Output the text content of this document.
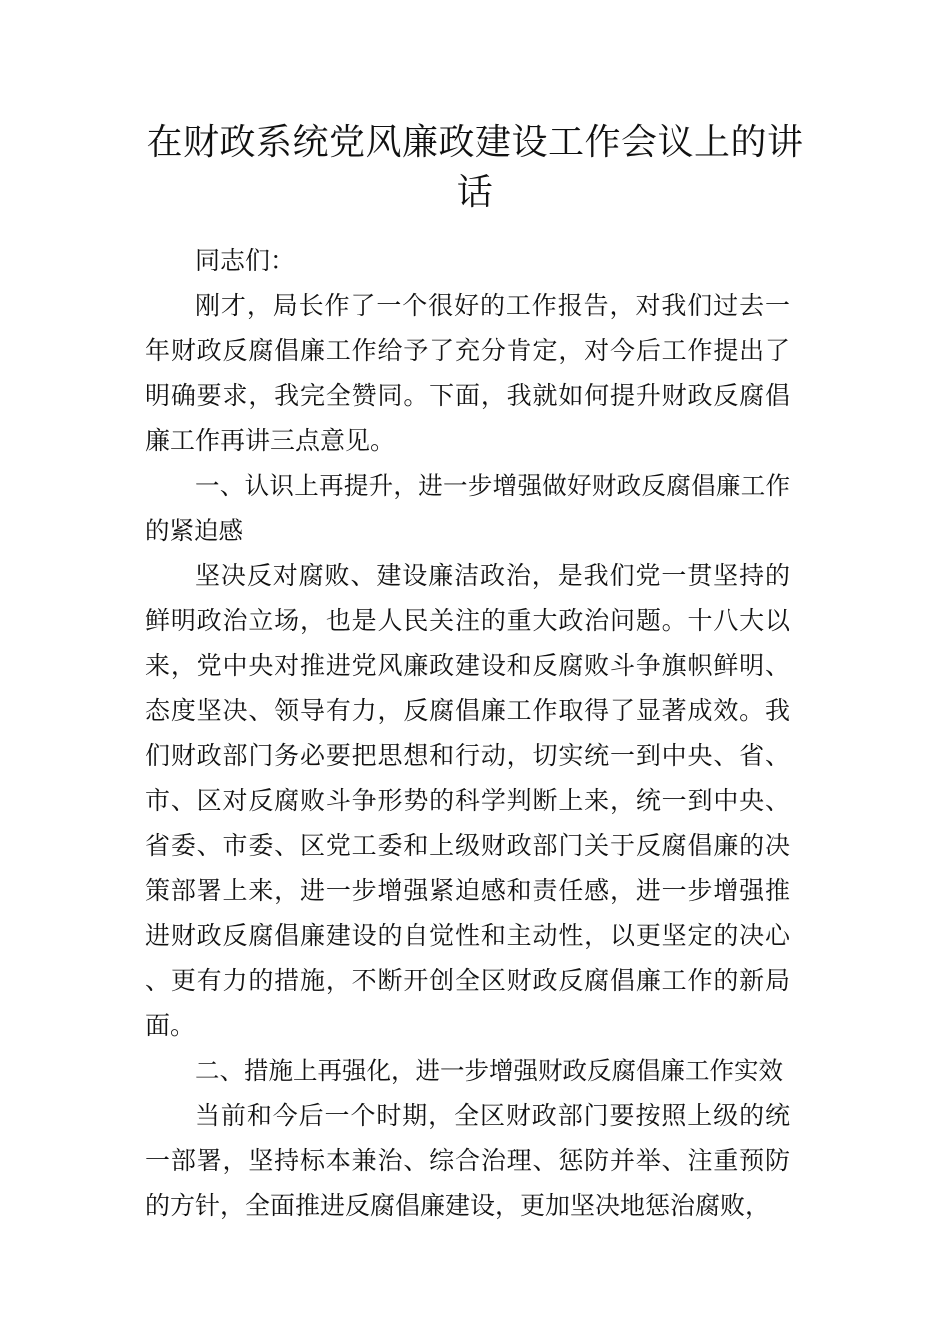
在财政系统党风廉政建设工作会议上的讲话

同志们：

刚才，局长作了一个很好的工作报告，对我们过去一年财政反腐倡廉工作给予了充分肯定，对今后工作提出了明确要求，我完全赞同。下面，我就如何提升财政反腐倡廉工作再讲三点意见。

一、认识上再提升，进一步增强做好财政反腐倡廉工作的紧迫感

坚决反对腐败、建设廉洁政治，是我们党一贯坚持的鲜明政治立场，也是人民关注的重大政治问题。十八大以来，党中央对推进党风廉政建设和反腐败斗争旗帜鲜明、态度坚决、领导有力，反腐倡廉工作取得了显著成效。我们财政部门务必要把思想和行动，切实统一到中央、省、市、区对反腐败斗争形势的科学判断上来，统一到中央、省委、市委、区党工委和上级财政部门关于反腐倡廉的决策部署上来，进一步增强紧迫感和责任感，进一步增强推进财政反腐倡廉建设的自觉性和主动性，以更坚定的决心、更有力的措施，不断开创全区财政反腐倡廉工作的新局面。

二、措施上再强化，进一步增强财政反腐倡廉工作实效

当前和今后一个时期，全区财政部门要按照上级的统一部署，坚持标本兼治、综合治理、惩防并举、注重预防的方针，全面推进反腐倡廉建设，更加坚决地惩治腐败，
